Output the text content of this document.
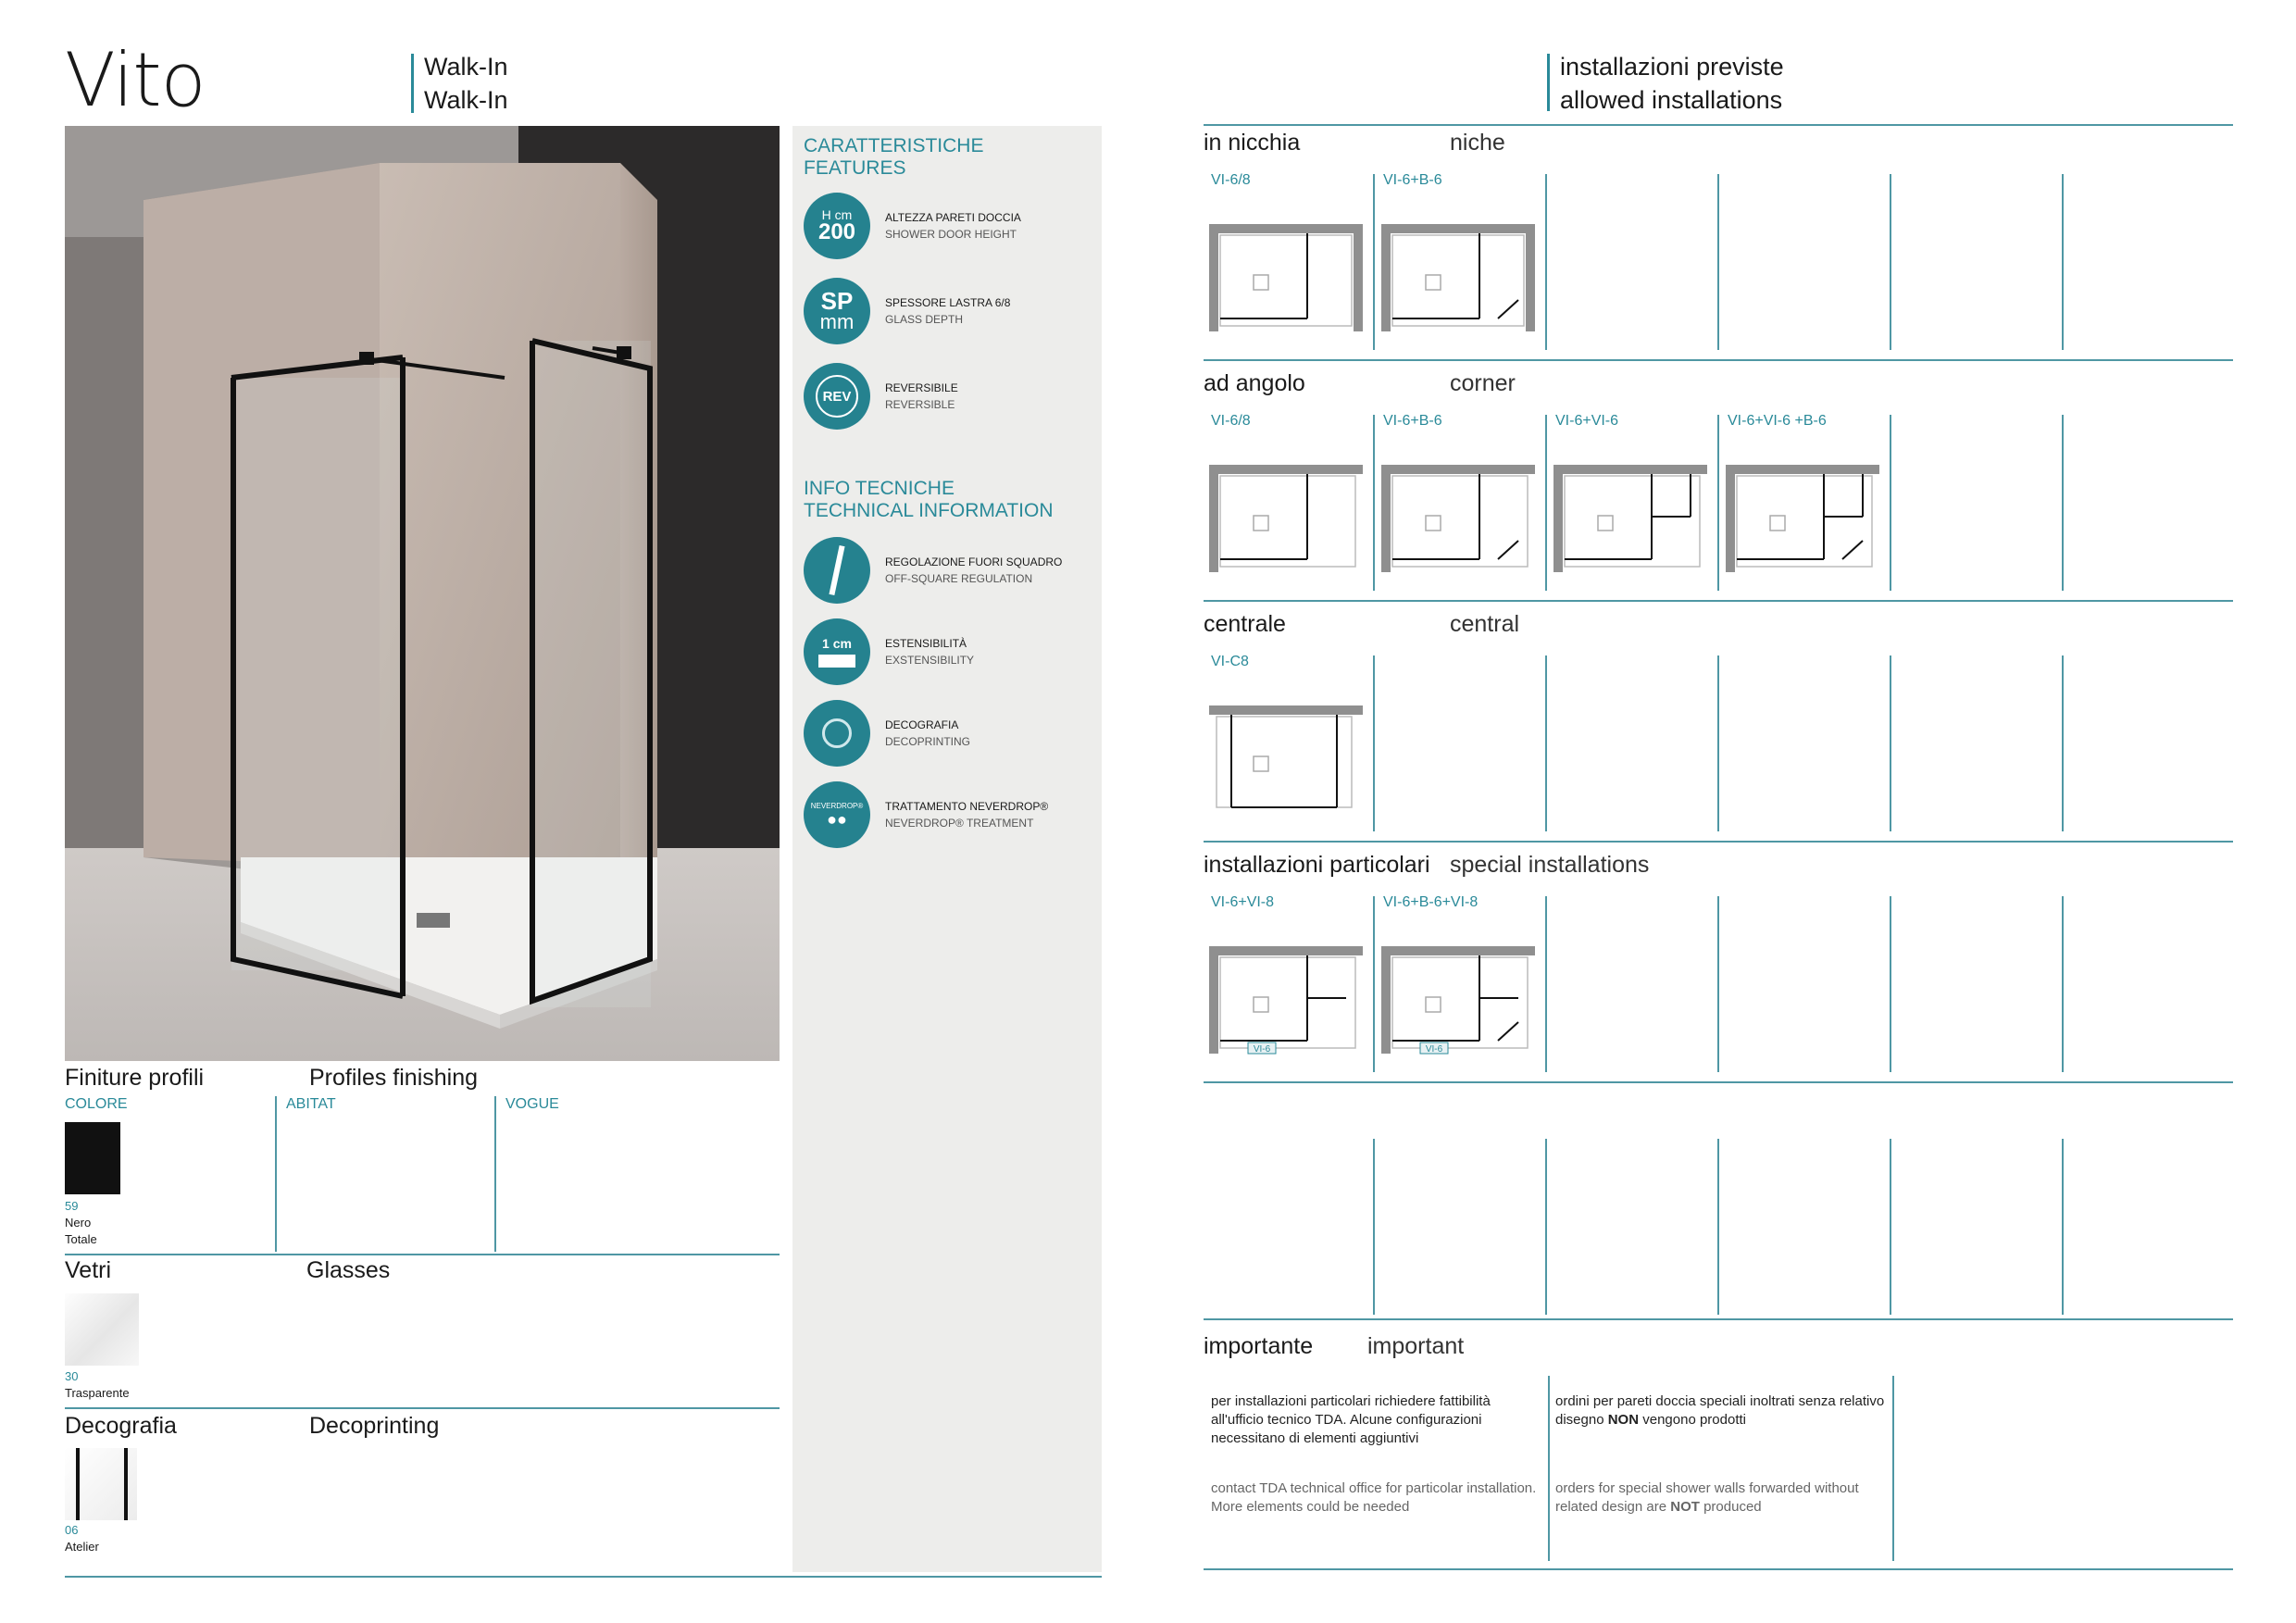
Vito	Walk-In
Walk-In
Finiture profili	Profiles finishing
COLORE	ABITAT	VOGUE
59
Nero
Totale
Vetri	Glasses
30
Trasparente
Decografia	Decoprinting
06
Atelier
CARATTERISTICHE
FEATURES
H cm
200
ALTEZZA PARETI DOCCIA
SHOWER DOOR HEIGHT
SP
mm
SPESSORE LASTRA 6/8
GLASS DEPTH
REV
REVERSIBILE
REVERSIBLE
INFO TECNICHE
TECHNICAL INFORMATION
REGOLAZIONE FUORI SQUADRO
OFF-SQUARE REGULATION
1 cm	ESTENSIBILITÀ
EXSTENSIBILITY
DECOGRAFIA
DECOPRINTING
NEVERDROP®
●●
TRATTAMENTO NEVERDROP®
NEVERDROP® TREATMENT
installazioni previste
allowed installations
in nicchia	niche
VI-6/8	VI-6+B-6
ad angolo	corner
VI-6/8	VI-6+B-6	VI-6+VI-6	VI-6+VI-6 +B-6
centrale	central
VI-C8
installazioni particolari special installations
VI-6+VI-8
VI-6
VI-6+B-6+VI-8
VI-6
importante important
per installazioni particolari richiedere fattibilità all'ufficio tecnico TDA. Alcune configurazioni necessitano di elementi aggiuntivi
contact TDA technical office for particolar installation. More elements could be needed
ordini per pareti doccia speciali inoltrati senza relativo disegno NON vengono prodotti
orders for special shower walls forwarded without related design are NOT produced
